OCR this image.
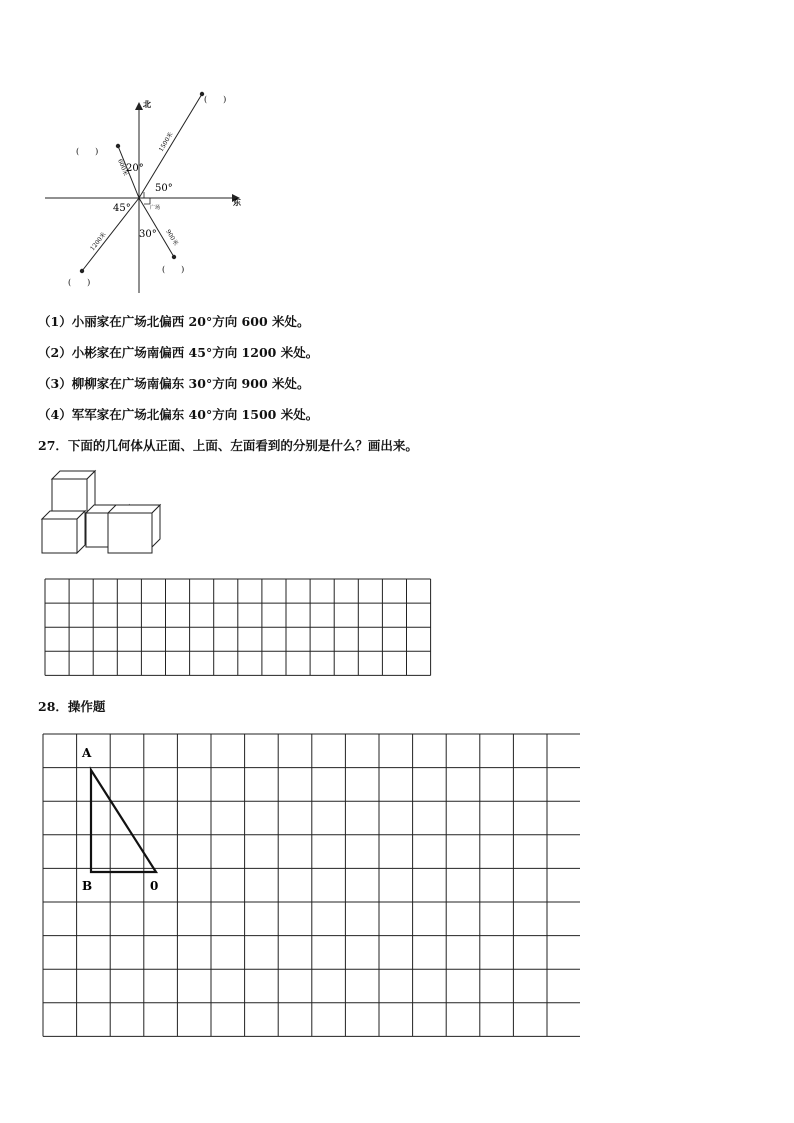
北
东
20°
50°
45°
30°
广场
1500米
600米
1200米	900米
(　　)
(　　)
(　　)
(　　)
（1）小丽家在广场北偏西 20°方向 600 米处。
（2）小彬家在广场南偏西 45°方向 1200 米处。
（3）柳柳家在广场南偏东 30°方向 900 米处。
（4）军军家在广场北偏东 40°方向 1500 米处。
27．下面的几何体从正面、上面、左面看到的分别是什么？画出来。
28．操作题
A
B	0
